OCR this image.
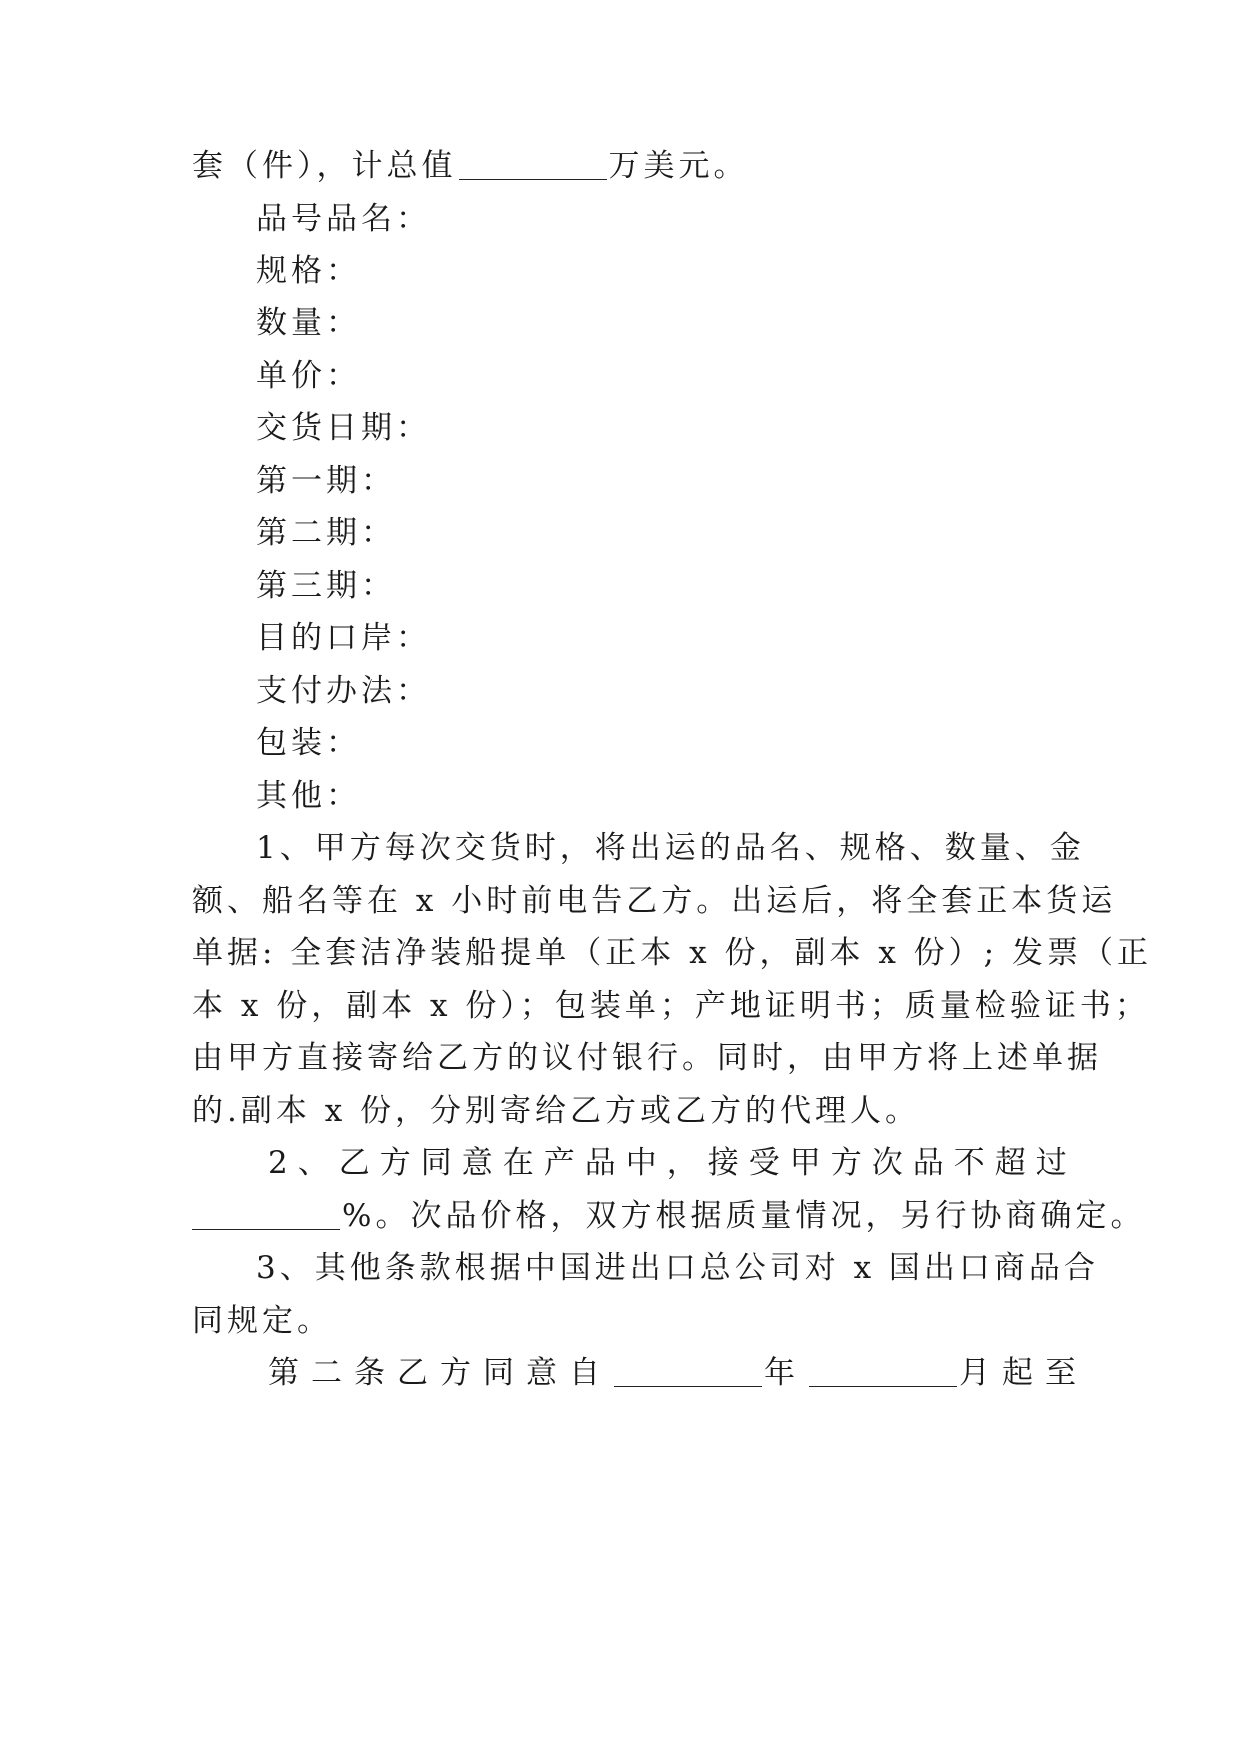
套（件），计总值	万美元。
品号品名：
规格：
数量：
单价：
交货日期：
第一期：
第二期：
第三期：
目的口岸：
支付办法：
包装：
其他：
1、甲方每次交货时，将出运的品名、规格、数量、金
额、船名等在 x 小时前电告乙方。出运后，将全套正本货运
单据: 全套洁净装船提单（正本 x 份，副本 x 份）; 发票（正
本 x 份，副本 x 份）；包装单；产地证明书；质量检验证书；
由甲方直接寄给乙方的议付银行。同时，由甲方将上述单据
的.副本 x 份，分别寄给乙方或乙方的代理人。
2、乙方同意在产品中，接受甲方次品不超过
%。次品价格，双方根据质量情况，另行协商确定。
3、其他条款根据中国进出口总公司对 x 国出口商品合
同规定。
第二条乙方同意自	年	月起至
